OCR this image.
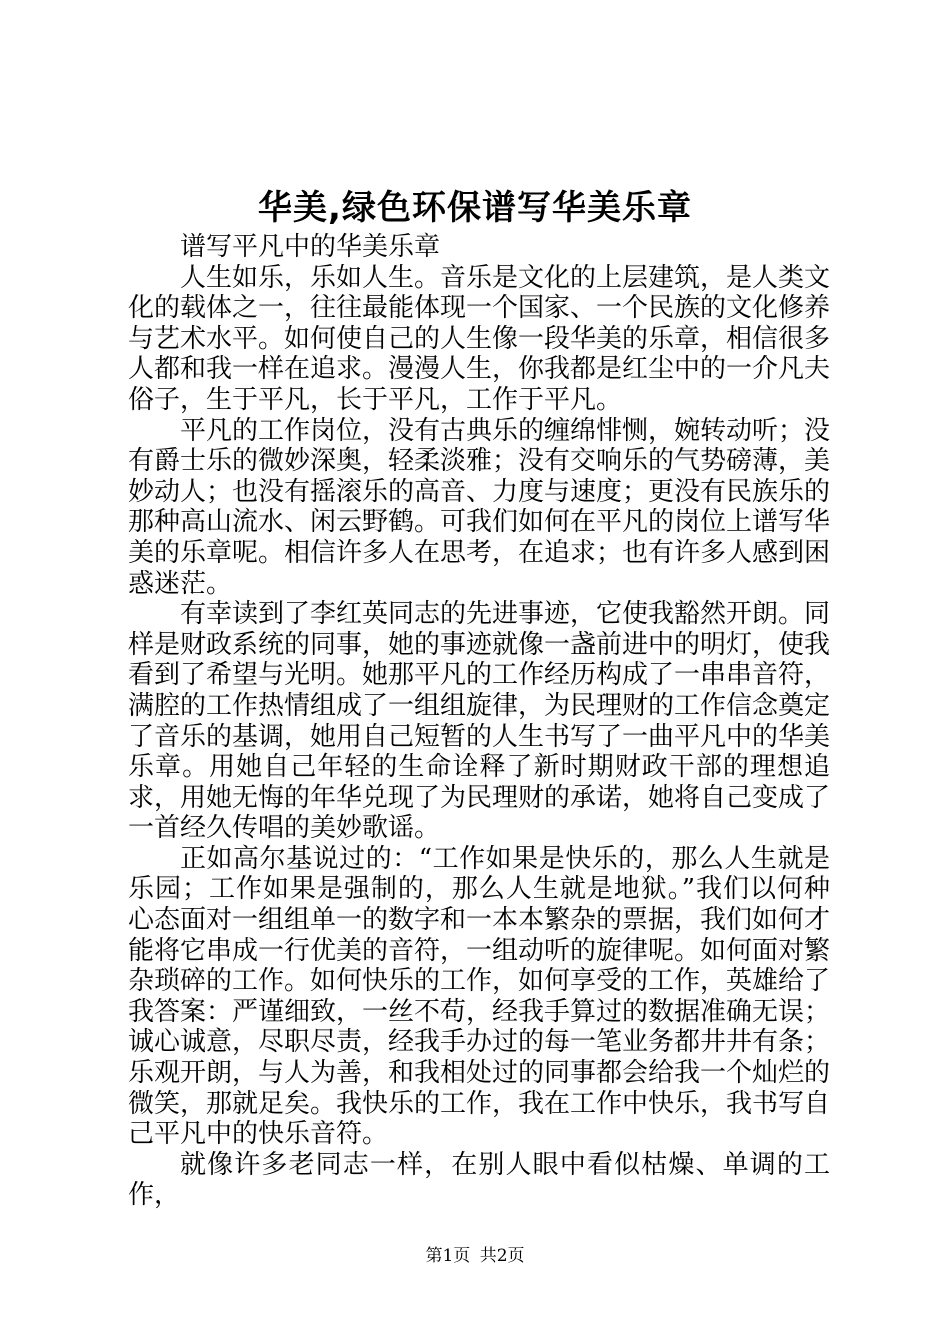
华美,绿色环保谱写华美乐章

谱写平凡中的华美乐章

人生如乐，乐如人生。音乐是文化的上层建筑，是人类文化的载体之一，往往最能体现一个国家、一个民族的文化修养与艺术水平。如何使自己的人生像一段华美的乐章，相信很多人都和我一样在追求。漫漫人生，你我都是红尘中的一介凡夫俗子，生于平凡，长于平凡，工作于平凡。

平凡的工作岗位，没有古典乐的缠绵悱恻，婉转动听；没有爵士乐的微妙深奥，轻柔淡雅；没有交响乐的气势磅薄，美妙动人；也没有摇滚乐的高音、力度与速度；更没有民族乐的那种高山流水、闲云野鹤。可我们如何在平凡的岗位上谱写华美的乐章呢。相信许多人在思考，在追求；也有许多人感到困惑迷茫。

有幸读到了李红英同志的先进事迹，它使我豁然开朗。同样是财政系统的同事，她的事迹就像一盏前进中的明灯，使我看到了希望与光明。她那平凡的工作经历构成了一串串音符，满腔的工作热情组成了一组组旋律，为民理财的工作信念奠定了音乐的基调，她用自己短暂的人生书写了一曲平凡中的华美乐章。用她自己年轻的生命诠释了新时期财政干部的理想追求，用她无悔的年华兑现了为民理财的承诺，她将自己变成了一首经久传唱的美妙歌谣。

正如高尔基说过的：“工作如果是快乐的，那么人生就是乐园；工作如果是强制的，那么人生就是地狱。”我们以何种心态面对一组组单一的数字和一本本繁杂的票据，我们如何才能将它串成一行优美的音符，一组动听的旋律呢。如何面对繁杂琐碎的工作。如何快乐的工作，如何享受的工作，英雄给了我答案：严谨细致，一丝不苟，经我手算过的数据准确无误；诚心诚意，尽职尽责，经我手办过的每一笔业务都井井有条；乐观开朗，与人为善，和我相处过的同事都会给我一个灿烂的微笑，那就足矣。我快乐的工作，我在工作中快乐，我书写自己平凡中的快乐音符。

就像许多老同志一样，在别人眼中看似枯燥、单调的工作，

第1页 共2页
